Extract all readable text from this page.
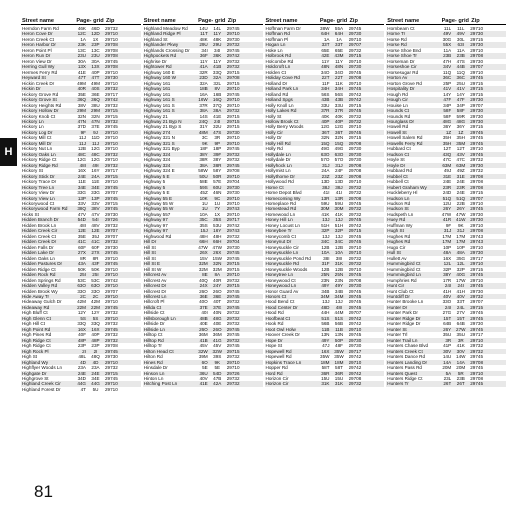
H
Street name	Page- grid Zip
Herndon Farm Rd	46K	46D	29732
Heron Cove Dr	12C	12D	29710
Heron Creek Ct	1A	1X	29710
Heron Harbor Dr	23K	23P	29708
Heron Point Pl	13C	13C	29708
Heron Run Dr	23U	23U	29708
Heron View Dr	30A	30A	29745
Herring Gull Wy	13X	13X	29708
Hermes Ferry Rd	41E	40P	29710
Heyward St	47T	47T	29730
Hickin Creek Dr	49M	49M	29710
Hickin Dr	40R	40S	29732
Hickory Grove Rd	35E	36E	29717
Hickory Grove St	36Q	36Q	29742
Hickory Heights Rd	38V	38U	29732
Hickory Hollow Dr	29M	29M	29715
Hickory Knob Ct	32N	32N	29715
Hickory Ln	47N	47N	29732
Hickory Ln	37D	37E	29745
Hickory Log Dr	9F	9J	29710
Hickory Mill Ct	11J	11D	29710
Hickory Mill Dr	11J	11J	29710
Hickory Nut Ln	12B	12G	29710
Hickory Oaks Ln	48C	48C	29732
Hickory Ridge Ct	12G	12G	29710
Hickory Ridge Rd	48I	49I	29732
Hickory St	16X	16Y	29717
Hickory Stick Dr	24E	24A	29715
Hickory Trace Dr	11E	11E	29710
Hickory Tree Ln	34E	34E	29745
Hickory View Dr	33G	33G	29707
Hickory View Ln	13P	13P	29745
Hickorywood Ct	33V	33V	29715
Hickorywood Farm Rd	38Q	38V	29745
Hicks St	47V	47V	29730
Hidden Branch Dr	54D	54I	29726
Hidden Brook Ln	48I	48V	29732
Hidden Creek Cir	12E	12E	29707
Hidden Creek Ct	35E	35J	29707
Hidden Creek Dr	41C	41C	29732
Hidden Falls Dr	60F	60F	29730
Hidden Lake Dr	27X	27X	29745
Hidden Oaks Ln	8R	8R	29710
Hidden Pastures Dr	43A	43F	29745
Hidden Ridge Ct	50K	50K	29710
Hidden Rock Rd	25I	25I	29710
Hidden Springs Rd	53C	53C	29742
Hidden Valley Rd	63O	63O	29710
Hidden Brook Wy	33O	33O	29707
Hide Away Tr	2C	2C	29710
Hideaway Gulch Dr	42M	42M	29710
Hideaway Rd	22M	22M	29745
High Bluff Ct	12Y	12Y	29732
High Glenn Ct	5S	5S	29710
High Hill Ct	33Q	33Q	29732
High Point Rd	16X	16X	29745
High Pines Rd	40F	40P	29732
High Ridge Ct	48P	48P	29732
High Ridge Ct	23P	23P	29708
High Rock Pl	2I	2I	29745
High St	48L	48Q	29730
Highland Wy	4D	4D	29710
Highflyer Woods Ln	23A	23A	29732
Highgate Dr	24E	24E	29715
Highgrove St	34D	34E	29745
Highland Creek Cir	44G	44G	29710
Highland Forest Dr	4T	5U	29710
Street name	Page- grid Zip
Highland Meadow Rd	14U	14L	29745
Highland Ridge Pl	11T	11Y	29710
Highland St	48K	48K	29730
Highlander Pkwy	29U	29U	29732
Highlands Crossing Dr	34I	34I	29745
Highpockets Rd	36F	36K	29742
Highrise Dr	11Y	11Y	29732
Hightower Rd	41A	41B	29732
Highway 160 E	32R	33Q	29715
Highway 160 W	23D	32A	29708
Highway 161	32A	32L	29715
Highway 161	18B	8V	29710
Highway 161	16A	16B	29745
Highway 161 S	16W	16Q	29710
Highway 161 S	37R	37Q	29710
Highway 161 S	38A	38A	29732
Highway 21	14S	41E	29715
Highway 21 Byp N	24Q	24I	29715
Highway 21 Byp S	31Y	32U	29715
Highway 274	48M	47S	29730
Highway 321 N	3C	3R	29710
Highway 321 S	9K	9P	29710
Highway 321 Byp	18F	18P	29745
Highway 324	38Y	39F	29732
Highway 324	38R	38Y	29732
Highway 324	38A	38R	29745
Highway 324 E	58W	58Y	29708
Highway 5 E	50U	50R	29710
Highway 5	58E	57E	29704
Highway 5	59S	60U	29730
Highway 5 E	45Z	46N	29730
Highway 55 E	10K	9C	29710
Highway 55 W	1U	1U	29710
Highway 55 W	1U	7Y	29743
Highway 557	10A	1X	29710
Highway 97	35C	35S	29717
Highway 97	35S	53U	29742
Highway 97	15J	16Y	29743
Highwood Rd	48H	48H	29732
Hill Dr	66H	66H	29704
Hill St	47W	47W	29730
Hill St	26X	26X	29745
Hill St	15V	15W	29745
Hill St E	32M	32N	29715
Hill St W	32M	32M	29715
Hillcrest Av	8E	8A	29710
Hillcrest Av	40Q	40R	29732
Hillcrest Dr	24X	24Y	29715
Hillcrest Dr	26O	26O	29745
Hillcrest Ln	36E	36E	29745
Hillcroft Pl	40O	40T	29732
Hillda Ct	37E	37E	29745
Hillside Ct	40I	40N	29732
Hillsborough Ln	48B	48G	29732
Hillside Dr	40E	40E	29732
Hillside Ln	26O	26O	29745
Hilltop Ct	36M	36M	29745
Hilltop Rd	41B	41G	29732
Hilltop Tr	45V	45V	29745
Hilton Head Ct	32W	32W	29715
Hilton Rd	39M	39S	29732
Hines Rd	6O	9K	29710
Hinsdale Dr	5E	5E	29710
Hinson Ln	36U	54D	29726
Hinton Ln	40V	47B	29732
Hitching Post Ln	41E	42A	29732
Street name	Page- grid Zip
Hoffman Farm Dr	38W	55A	29745
Hoffman Rd	64H	64H	29730
Hoffman Pl	1A	1A	29710
Hogan Ln	33T	33T	29707
Hoke Ln	65E	65E	29732
Holbrook Rd	42E	43M	29715
Holcombe Rd	11Y	11Y	29710
Holdcroft Ln	48N	48N	29730
Holden Ct	34O	34O	29745
Holiday Cove Rd	22T	22T	29708
Holland Dr	11F	11K	29710
Holland Park Ln	34H	34H	29745
Holland Rd	56S	56S	29742
Holland Spgs	43B	43B	29742
Holly Knoll Ln	33U	33U	29715
Holly Lakes Rd	37R	37R	29745
Holly St	40K	40K	29732
Hollow Brook Ct	40P	40P	29732
Holly Berry Woods	12G	12G	29710
Holly Cir	36T	36T	29745
Holly Dr	32N	32N	29715
Holly Hill Rd	15Q	15Q	29708
Holly Rd	49G	49G	29730
Hollydale Ln	63O	63O	29730
Hollydale Dr	57O	57O	29730
Hollyhock Ln	31J	31J	29708
Hollymist Ln	24A	24F	29708
Hollythorne Dr	23Z	23Z	29708
Hollywood Rd	13D	13D	29710
Home Ct	38J	38J	29732
Home Depot Blvd	41I	41I	29732
Homecoming Wy	13R	13R	29708
Homeplace Rd	59U	59U	29745
Homestead Rd	30M	30M	29732
Homewood Ln	41K	41K	29732
Honey Hill Ln	13J	13J	29745
Honey Locust Ln	51H	51H	29742
Honeybee Tr	32P	32P	29715
Honeycomb Ct	13J	13J	29745
Honeynut Dr	34C	34C	29745
Honeysuckle Cir	12B	12B	29710
Honeysuckle Ln	10A	10A	29710
Honeysuckle Pond Rd	38I	38I	29732
Honeysuckle Rd	31F	31K	29732
Honeysuckle Woods	12B	12B	29710
Honeytree Ln	25N	25N	29745
Honeywood Ct	23N	23N	29708
Honeywood Ln	49Y	49Y	29730
Honor Guard Av	34B	34B	29745
Honors Ct	34M	34M	29745
Hood Bend Ct	13J	13J	29745
Hood Center Dr	48D	48I	29745
Hood Rd	44H	44M	29707
Hoofbeat Ct	51S	51S	29742
Hook Rd	56B	56B	29742
Hoot Owl Holw	11B	11B	29710
Hoover Creek Dr	13N	13N	29745
Hope Dr	49Y	50P	29730
Hope St	47J	48F	29730
Hopewell Rd	16X	35W	29717
Hopewell Rd	35W	35W	29742
Hopkins Trace Ln	18M	18M	29710
Hopper Rd	58T	58T	29742
Hord Rd	36R	36R	29742
Horizon Cir	15U	15U	29708
Horizon Cir	31K	31K	29732
Street name	Page- grid Zip
Hornbeam Ct	11L	11L	29710
Horne Tr	49V	49V	29730
Horse Rd	30G	30L	29715
Horse Rd	55X	63I	29730
Horse Shoe Bnd	11A	11A	29710
Horse Shoe Tr	23B	23B	29708
Horseman Dr	47H	47S	29730
Horseshoe Cir	34V	44B	29707
Horsesugar Rd	11Q	11Q	29710
Horton Av	36C	36C	29745
Horton Grove Rd	25P	25U	29715
Hospitality Dr	41V	41V	29715
Hough Rd	14Y	14Y	29715
Hough Cir	47F	47F	29730
Houise Ln	34P	34P	29707
Hounds Ct	58F	58F	29730
Hounds Rd	58F	59R	29730
Hourglass Dr	48G	48G	29730
Howell Rd	36Y	36Y	29715
Howell St	1Z	1Z	29745
Howell Salem Rd	35H	35H	29745
Howells Ferry Rd	35H	35M	29745
Hubbard Ct	12T	12T	29710
Hudson Ct	43Q	43V	29745
Hoyle St	47C	47C	29732
Hoyle Dr	63M	63M	29730
Hubbard Rd	49J	49Z	29732
Hubbel Ct	31E	31E	29708
Hubbell Ct	24E	24E	29708
Hubert Graham Wy	23R	23R	29708
Huckleberry Hl	24D	24E	29715
Hudson Ln	51Q	51Q	29707
Hudson Rd	12U	22B	29710
Hudson St	26Y	26Y	29745
Hudspeth Ln	47W	47W	29730
Huey Rd	41R	41W	29730
Huffman Wy	9F	9K	29710
Hugh St	31J	31J	29708
Hughes Rd	17M	17M	29743
Hughes Rd	17M	17M	29743
Hugo Cir	10P	10P	29710
Hull St	48A	48A	29730
Hullett Av	16X	35G	29717
Hummingbird Ct	12L	12L	29710
Hummingbird Ct	32P	32P	29715
Hummingbird Ln	38Y	40G	29745
Humphries Rd	17R	17W	29710
Hunt Cir	24I	24I	29745
Hunt Club Ct	41H	41H	29730
Huntcliff Dr	40V	40V	29732
Hunter Brooke Ln	33O	33T	29707
Hunter Dr	24I	24L	29715
Hunter Park Dr	27G	27V	29745
Hunter Ridge Dr	15T	15T	29745
Hunter Ridge Dr	64B	64B	29730
Hunter St	26Y	27W	29745
Hunter Trl	35U	35U	29717
Hunter Trail Ln	3R	3R	29710
Hunters Chase Blvd	41P	41K	29732
Hunters Creek Ct	30V	30V	29732
Hunters Dance Rd	14U	14W	29745
Hunters Landing Dr	14A	14A	29708
Hunters Pass Rd	20M	20M	29745
Hunters Quest	5A	5R	29710
Hunters Ridge Ct	23L	23B	29708
Hunters Tr	26T	26T	29745
81
